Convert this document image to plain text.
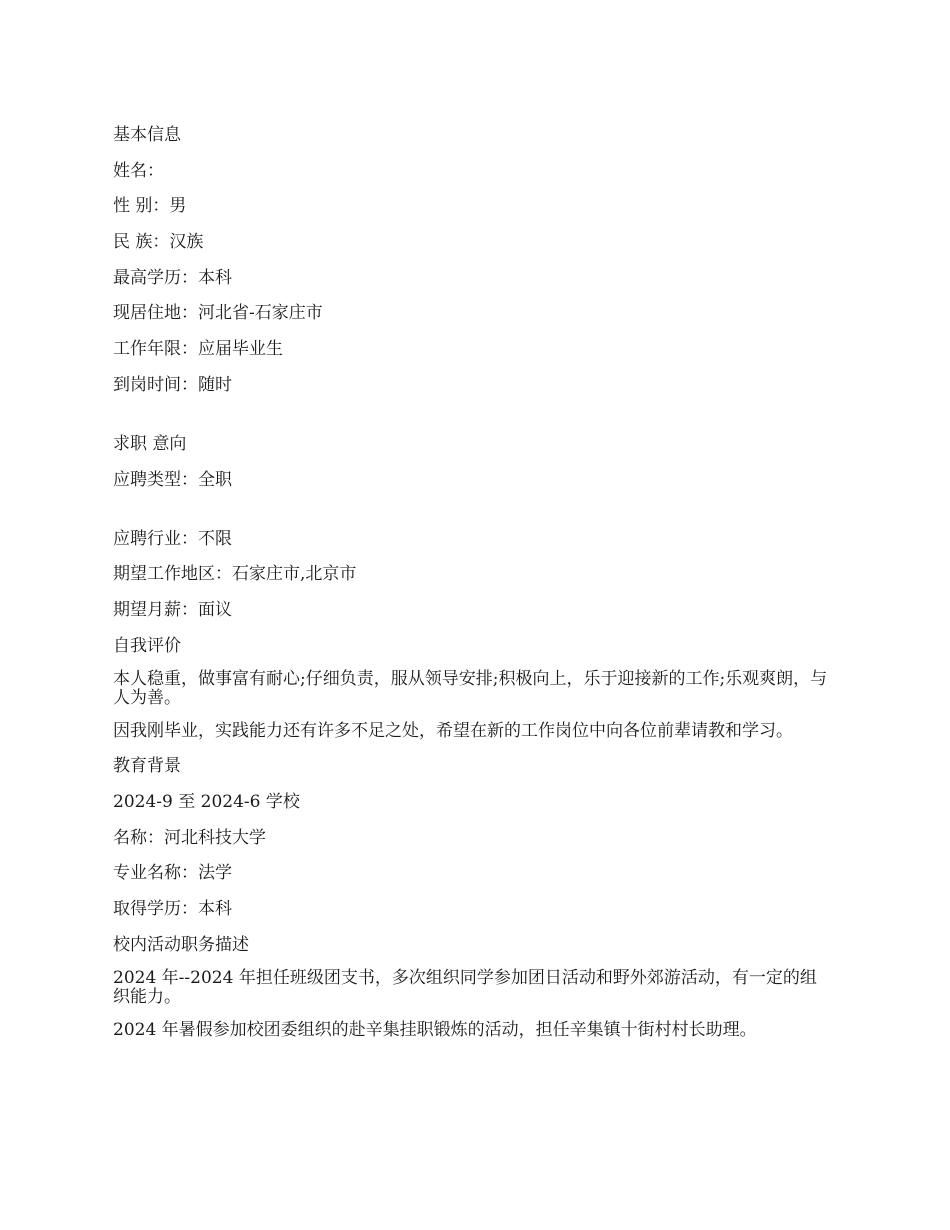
基本信息
姓名：
性 别：男
民 族：汉族
最高学历：本科
现居住地：河北省-石家庄市
工作年限：应届毕业生
到岗时间：随时
求职 意向
应聘类型：全职
应聘行业：不限
期望工作地区：石家庄市,北京市
期望月薪：面议
自我评价
本人稳重，做事富有耐心;仔细负责，服从领导安排;积极向上，乐于迎接新的工作;乐观爽朗，与人为善。
因我刚毕业，实践能力还有许多不足之处，希望在新的工作岗位中向各位前辈请教和学习。
教育背景
2024-9 至 2024-6 学校
名称：河北科技大学
专业名称：法学
取得学历：本科
校内活动职务描述
2024 年--2024 年担任班级团支书，多次组织同学参加团日活动和野外郊游活动，有一定的组织能力。
2024 年暑假参加校团委组织的赴辛集挂职锻炼的活动，担任辛集镇十街村村长助理。
